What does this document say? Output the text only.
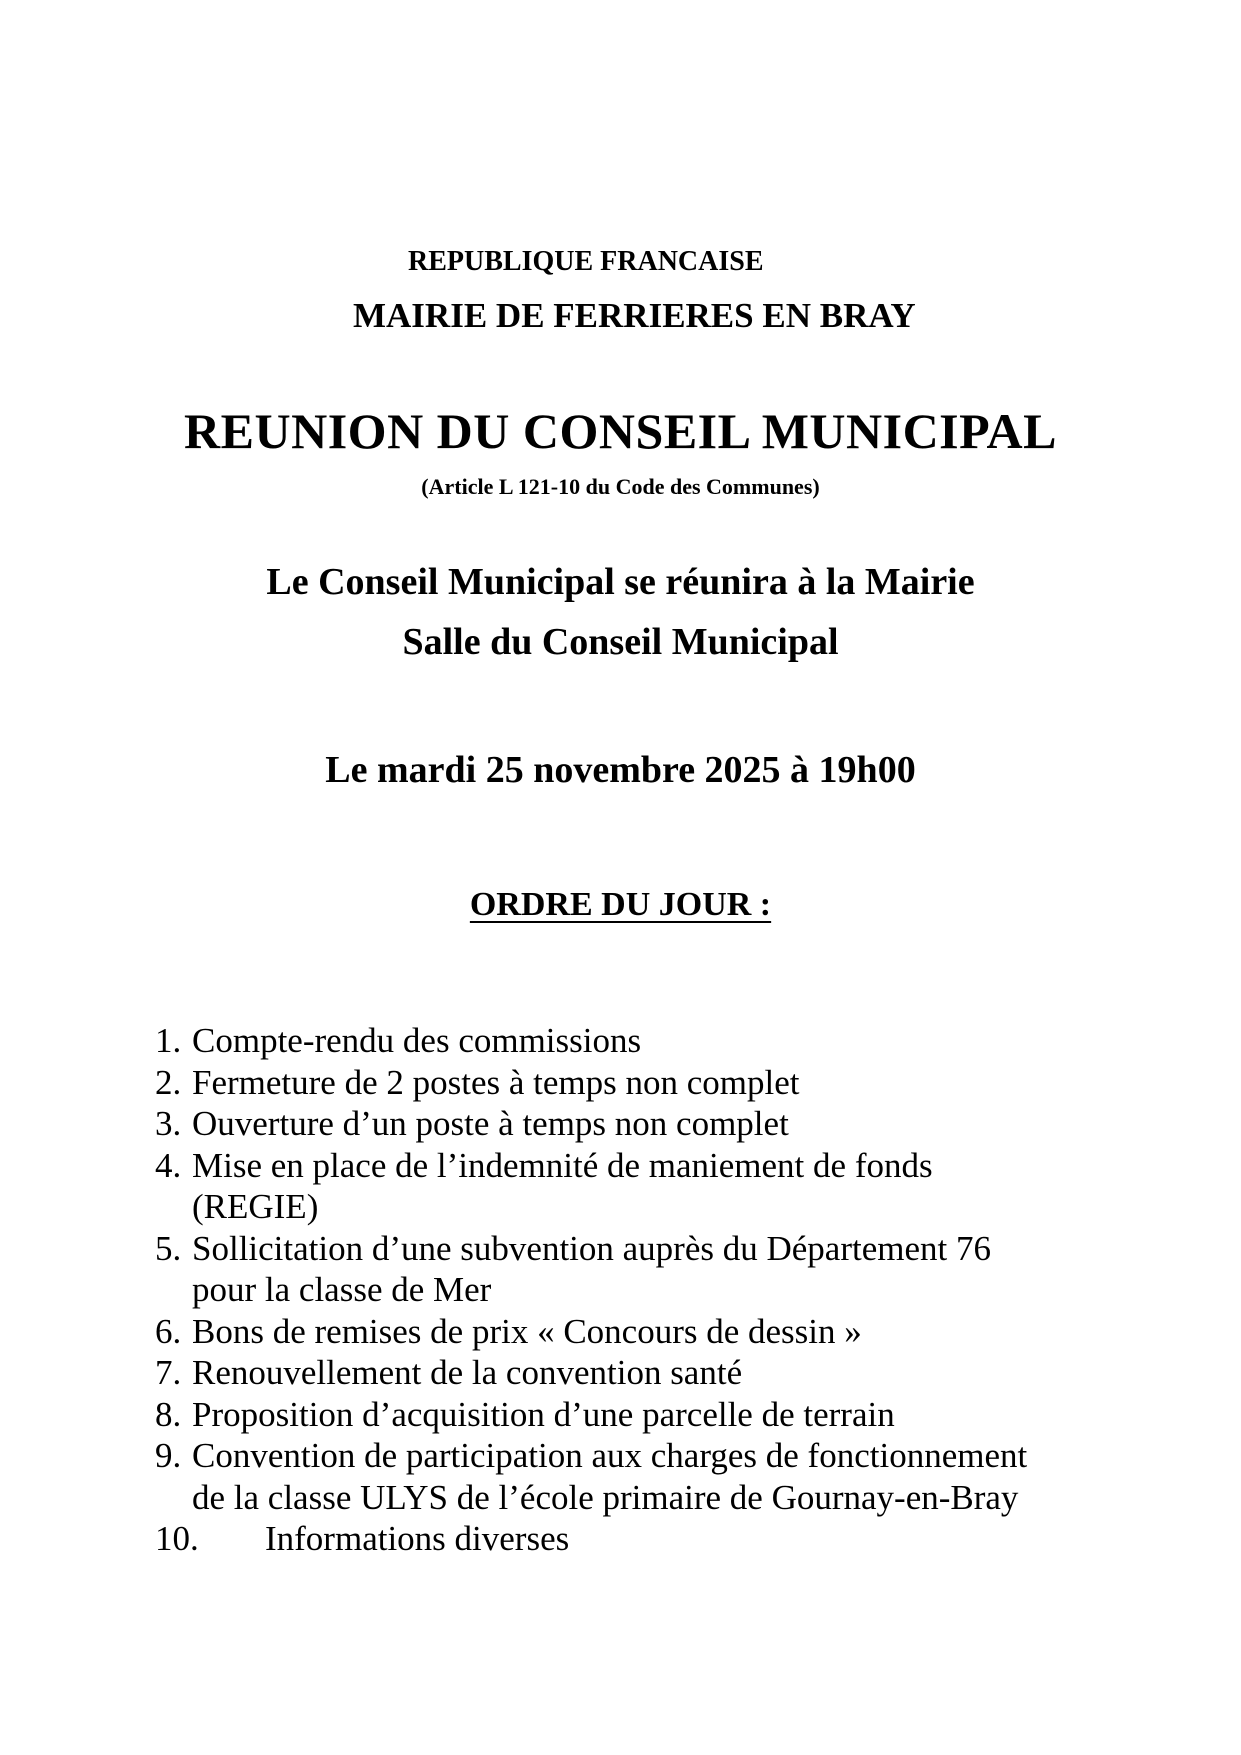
REPUBLIQUE FRANCAISE
MAIRIE DE FERRIERES EN BRAY
REUNION DU CONSEIL MUNICIPAL
(Article L 121-10 du Code des Communes)
Le Conseil Municipal se réunira à la Mairie
Salle du Conseil Municipal
Le mardi 25 novembre 2025 à 19h00
ORDRE DU JOUR :
1. Compte-rendu des commissions
2. Fermeture de 2 postes à temps non complet
3. Ouverture d’un poste à temps non complet
4. Mise en place de l’indemnité de maniement de fonds
(REGIE)
5. Sollicitation d’une subvention auprès du Département 76
pour la classe de Mer
6. Bons de remises de prix « Concours de dessin »
7. Renouvellement de la convention santé
8. Proposition d’acquisition d’une parcelle de terrain
9. Convention de participation aux charges de fonctionnement
de la classe ULYS de l’école primaire de Gournay-en-Bray
10.	Informations diverses
